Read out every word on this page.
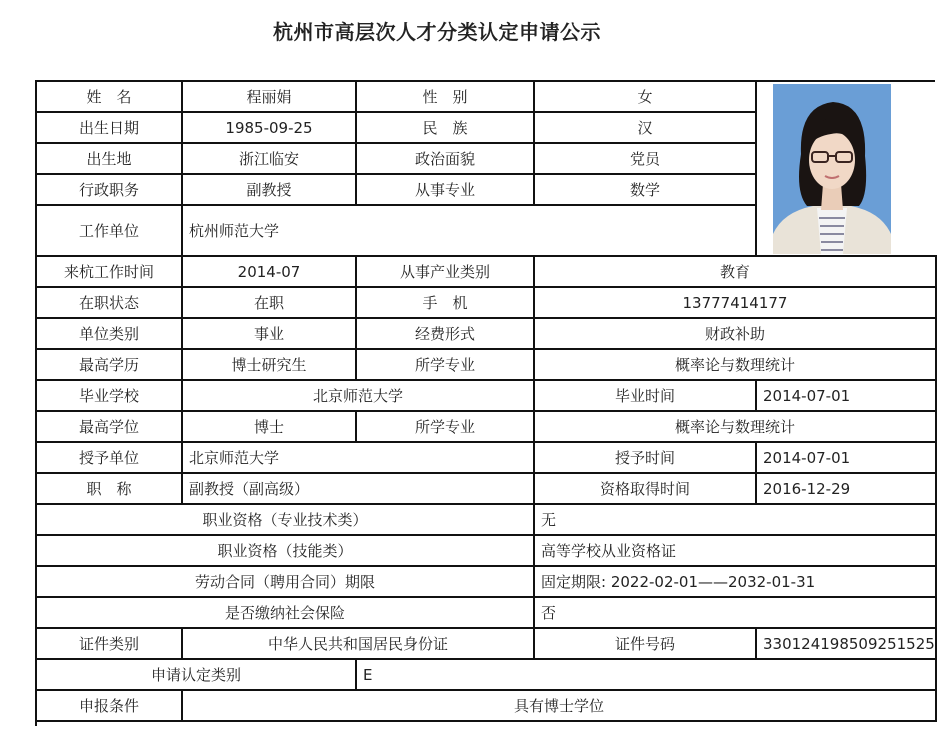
杭州市高层次人才分类认定申请公示
姓　名	程丽娟	性　别	女
出生日期	1985-09-25	民　族	汉
出生地	浙江临安	政治面貌	党员
行政职务	副教授	从事专业	数学
工作单位	杭州师范大学
来杭工作时间	2014-07	从事产业类别	教育
在职状态	在职	手　机	13777414177
单位类别	事业	经费形式	财政补助
最高学历	博士研究生	所学专业	概率论与数理统计
毕业学校	北京师范大学	毕业时间	2014-07-01
最高学位	博士	所学专业	概率论与数理统计
授予单位	北京师范大学	授予时间	2014-07-01
职　称	副教授（副高级）	资格取得时间	2016-12-29
职业资格（专业技术类）	无
职业资格（技能类）	高等学校从业资格证
劳动合同（聘用合同）期限	固定期限: 2022-02-01——2032-01-31
是否缴纳社会保险	否
证件类别	中华人民共和国居民身份证	证件号码	330124198509251525
申请认定类别	E
申报条件	具有博士学位
